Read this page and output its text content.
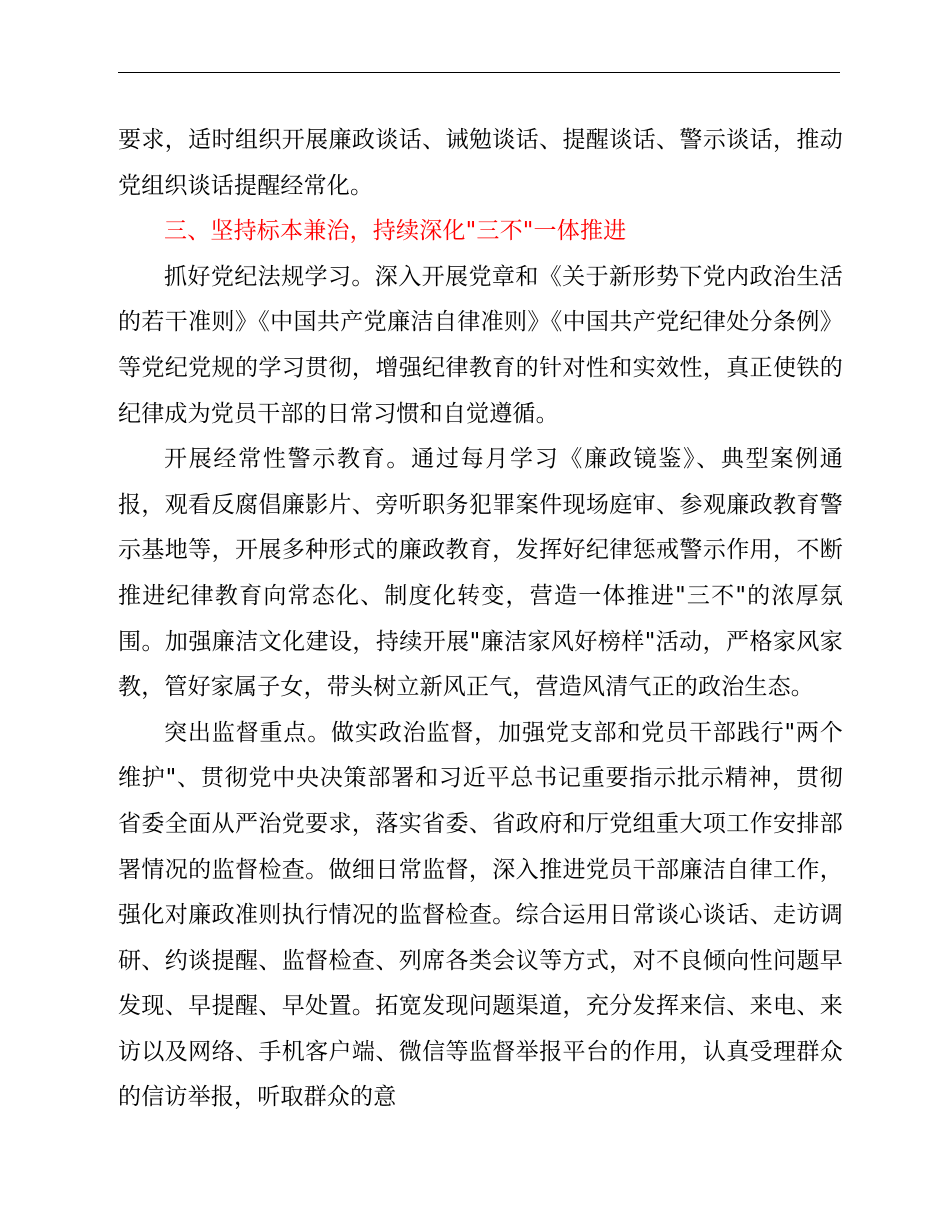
要求，适时组织开展廉政谈话、诫勉谈话、提醒谈话、警示谈话，推动党组织谈话提醒经常化。

三、坚持标本兼治，持续深化"三不"一体推进

抓好党纪法规学习。深入开展党章和《关于新形势下党内政治生活的若干准则》《中国共产党廉洁自律准则》《中国共产党纪律处分条例》等党纪党规的学习贯彻，增强纪律教育的针对性和实效性，真正使铁的纪律成为党员干部的日常习惯和自觉遵循。

开展经常性警示教育。通过每月学习《廉政镜鉴》、典型案例通报，观看反腐倡廉影片、旁听职务犯罪案件现场庭审、参观廉政教育警示基地等，开展多种形式的廉政教育，发挥好纪律惩戒警示作用，不断推进纪律教育向常态化、制度化转变，营造一体推进"三不"的浓厚氛围。加强廉洁文化建设，持续开展"廉洁家风好榜样"活动，严格家风家教，管好家属子女，带头树立新风正气，营造风清气正的政治生态。

突出监督重点。做实政治监督，加强党支部和党员干部践行"两个维护"、贯彻党中央决策部署和习近平总书记重要指示批示精神，贯彻省委全面从严治党要求，落实省委、省政府和厅党组重大项工作安排部署情况的监督检查。做细日常监督，深入推进党员干部廉洁自律工作，强化对廉政准则执行情况的监督检查。综合运用日常谈心谈话、走访调研、约谈提醒、监督检查、列席各类会议等方式，对不良倾向性问题早发现、早提醒、早处置。拓宽发现问题渠道，充分发挥来信、来电、来访以及网络、手机客户端、微信等监督举报平台的作用，认真受理群众的信访举报，听取群众的意
